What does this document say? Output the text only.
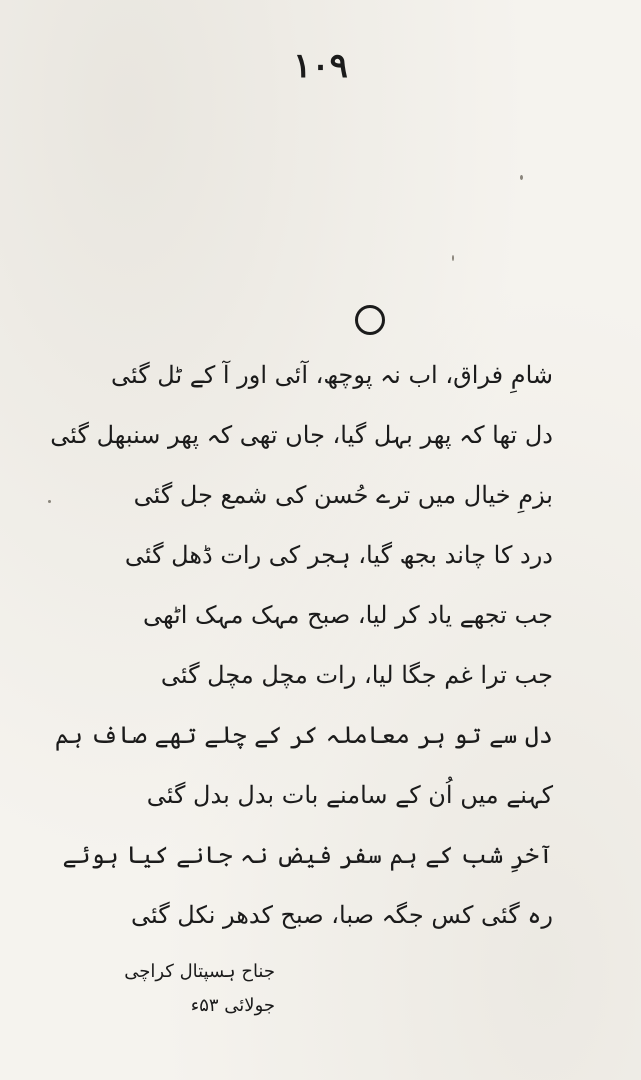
١٠٩
شامِ فراق، اب نہ پوچھ، آئی اور آ کے ٹل گئی
دل تھا کہ پھر بہل گیا، جاں تھی کہ پھر سنبھل گئی
بزمِ خیال میں ترے حُسن کی شمع جل گئی
درد کا چاند بجھ گیا، ہجر کی رات ڈھل گئی
جب تجھے یاد کر لیا، صبح مہک مہک اٹھی
جب ترا غم جگا لیا، رات مچل مچل گئی
دل سے تو ہر معاملہ کر کے چلے تھے صاف ہم
کہنے میں اُن کے سامنے بات بدل بدل گئی
آخرِ شب کے ہم سفر فیض نہ جانے کیا ہوئے
رہ گئی کس جگہ صبا، صبح کدھر نکل گئی
جناح ہسپتال کراچی
جولائی ۵۳ء
